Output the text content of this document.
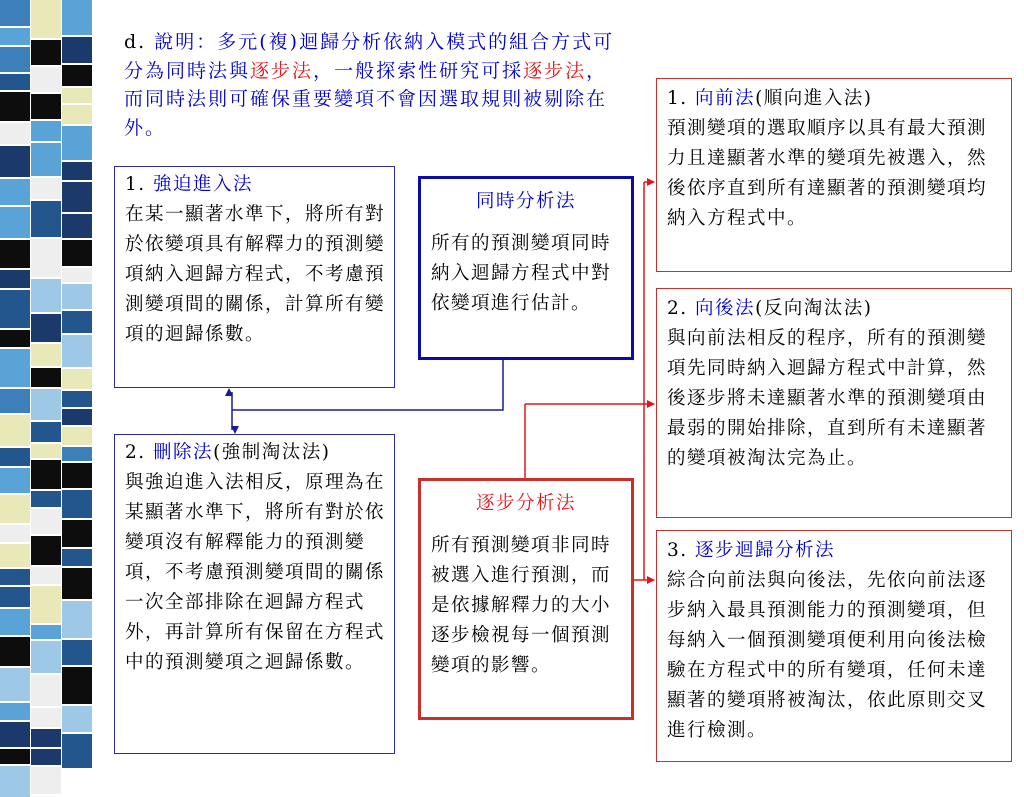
d. 說明：多元(複)迴歸分析依納入模式的組合方式可分為同時法與逐步法，一般探索性研究可採逐步法，而同時法則可確保重要變項不會因選取規則被剔除在外。

1. 強迫進入法

在某一顯著水準下，將所有對於依變項具有解釋力的預測變項納入迴歸方程式，不考慮預測變項間的關係，計算所有變項的迴歸係數。

2. 刪除法(強制淘汰法)

與強迫進入法相反，原理為在某顯著水準下，將所有對於依變項沒有解釋能力的預測變項，不考慮預測變項間的關係一次全部排除在迴歸方程式外，再計算所有保留在方程式中的預測變項之迴歸係數。

同時分析法

所有的預測變項同時納入迴歸方程式中對依變項進行估計。

逐步分析法

所有預測變項非同時被選入進行預測，而是依據解釋力的大小逐步檢視每一個預測變項的影響。

1. 向前法(順向進入法)

預測變項的選取順序以具有最大預測力且達顯著水準的變項先被選入，然後依序直到所有達顯著的預測變項均納入方程式中。

2. 向後法(反向淘汰法)

與向前法相反的程序，所有的預測變項先同時納入迴歸方程式中計算，然後逐步將未達顯著水準的預測變項由最弱的開始排除，直到所有未達顯著的變項被淘汰完為止。

3. 逐步迴歸分析法

綜合向前法與向後法，先依向前法逐步納入最具預測能力的預測變項，但每納入一個預測變項便利用向後法檢驗在方程式中的所有變項，任何未達顯著的變項將被淘汰，依此原則交叉進行檢測。
